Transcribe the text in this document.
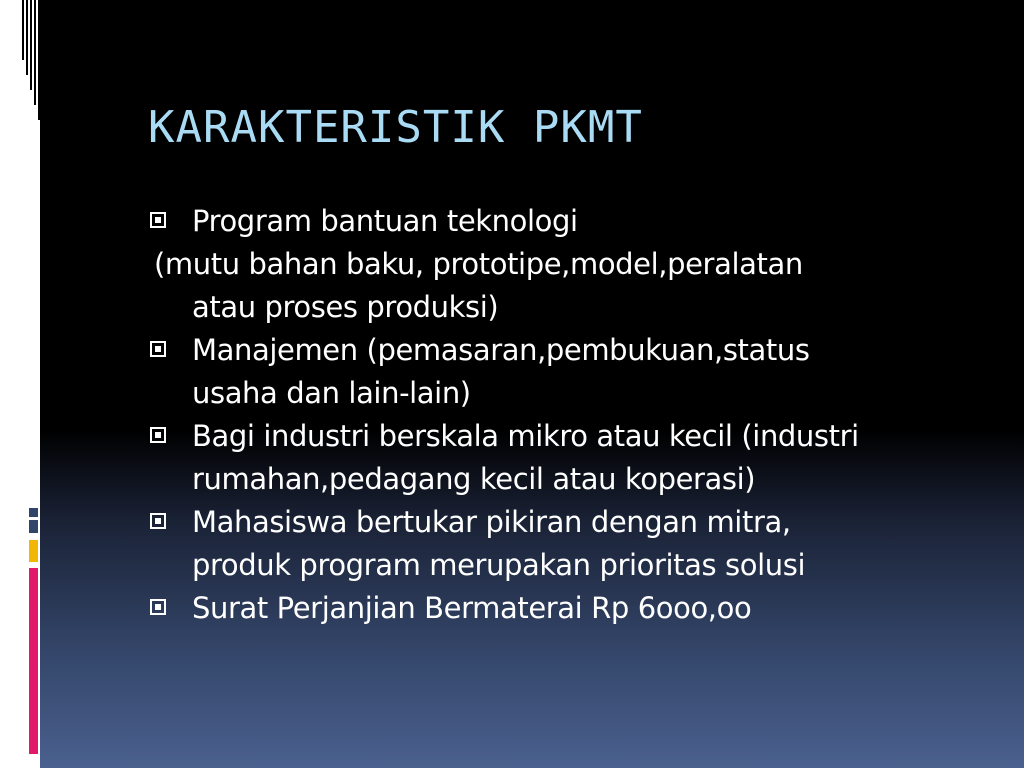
KARAKTERISTIK PKMT
Program bantuan teknologi
(mutu bahan baku, prototipe,model,peralatan
atau proses produksi)
Manajemen (pemasaran,pembukuan,status
usaha dan lain-lain)
Bagi industri berskala mikro atau kecil (industri
rumahan,pedagang kecil atau koperasi)
Mahasiswa bertukar pikiran dengan mitra,
produk program merupakan prioritas solusi
Surat Perjanjian Bermaterai Rp 6ooo,oo
